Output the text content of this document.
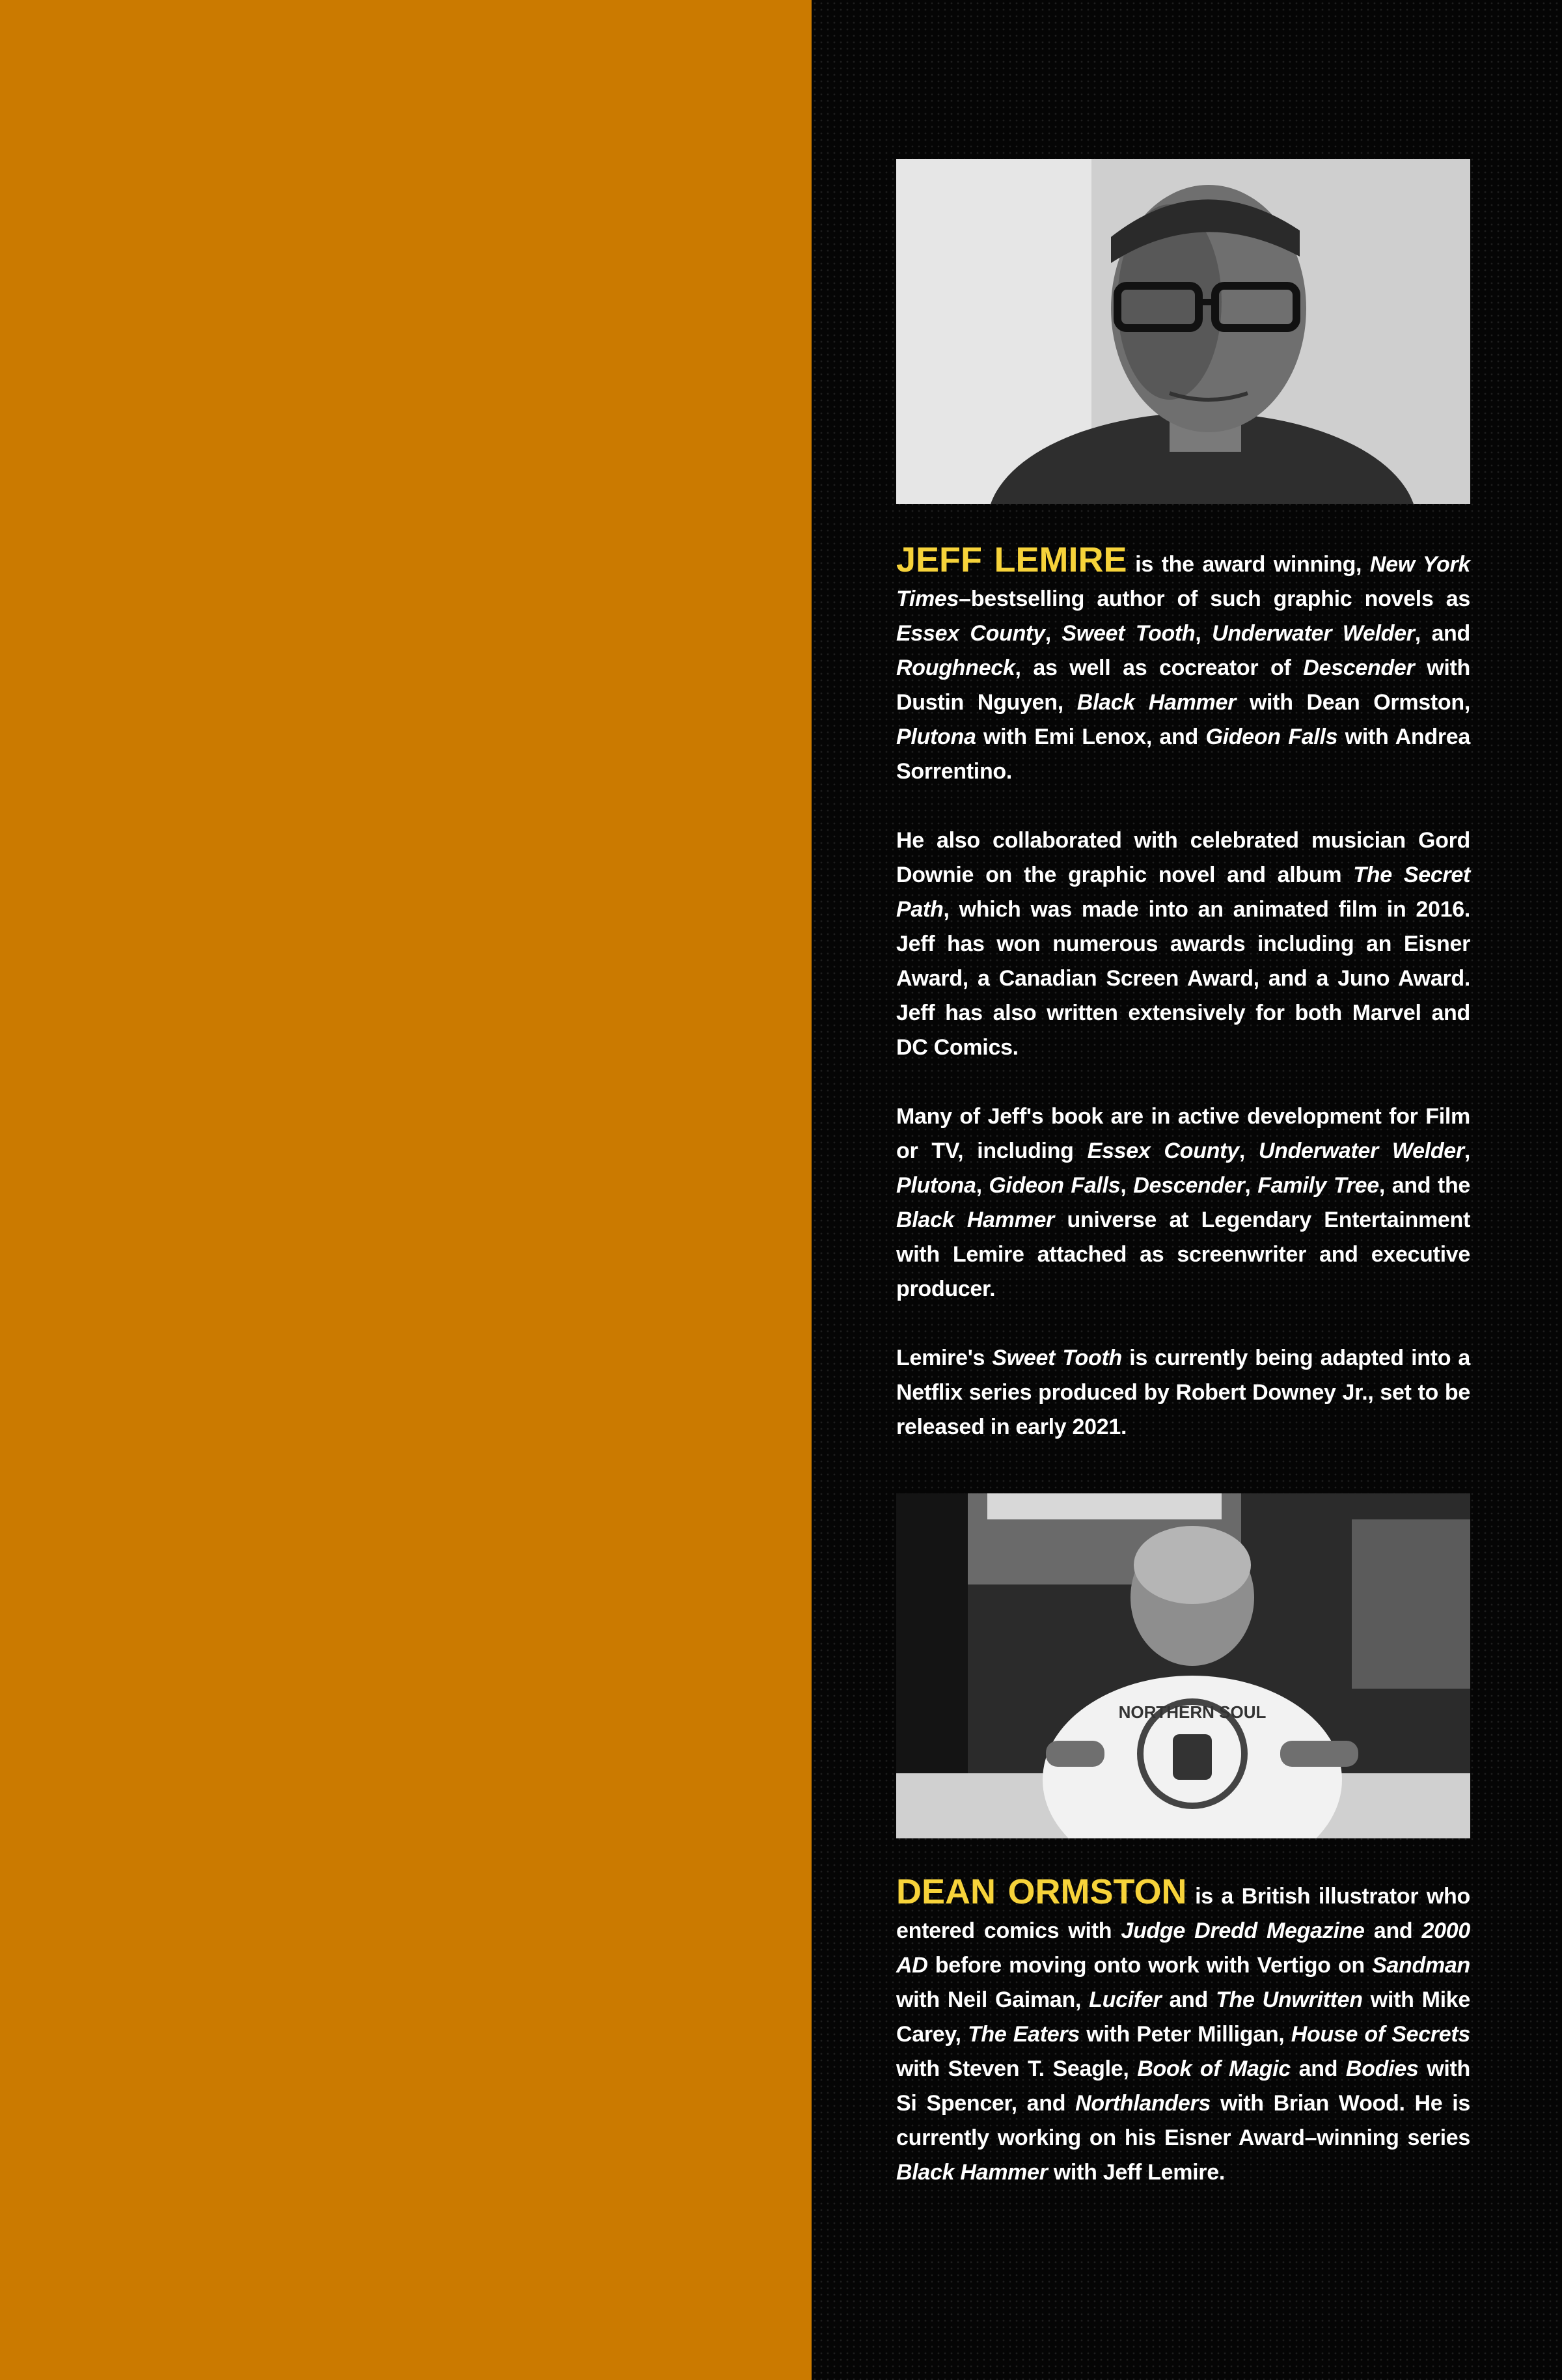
JEFF LEMIRE is the award winning, New York Times–bestselling author of such graphic novels as Essex County, Sweet Tooth, Underwater Welder, and Roughneck, as well as cocreator of Descender with Dustin Nguyen, Black Hammer with Dean Ormston, Plutona with Emi Lenox, and Gideon Falls with Andrea Sorrentino.

He also collaborated with celebrated musician Gord Downie on the graphic novel and album The Secret Path, which was made into an animated film in 2016. Jeff has won numerous awards including an Eisner Award, a Canadian Screen Award, and a Juno Award. Jeff has also written extensively for both Marvel and DC Comics.

Many of Jeff's book are in active development for Film or TV, including Essex County, Underwater Welder, Plutona, Gideon Falls, Descender, Family Tree, and the Black Hammer universe at Legendary Entertainment with Lemire attached as screenwriter and executive producer.

Lemire's Sweet Tooth is currently being adapted into a Netflix series produced by Robert Downey Jr., set to be released in early 2021.

NORTHERN SOUL

DEAN ORMSTON is a British illustrator who entered comics with Judge Dredd Megazine and 2000 AD before moving onto work with Vertigo on Sandman with Neil Gaiman, Lucifer and The Unwritten with Mike Carey, The Eaters with Peter Milligan, House of Secrets with Steven T. Seagle, Book of Magic and Bodies with Si Spencer, and Northlanders with Brian Wood. He is currently working on his Eisner Award–winning series Black Hammer with Jeff Lemire.
